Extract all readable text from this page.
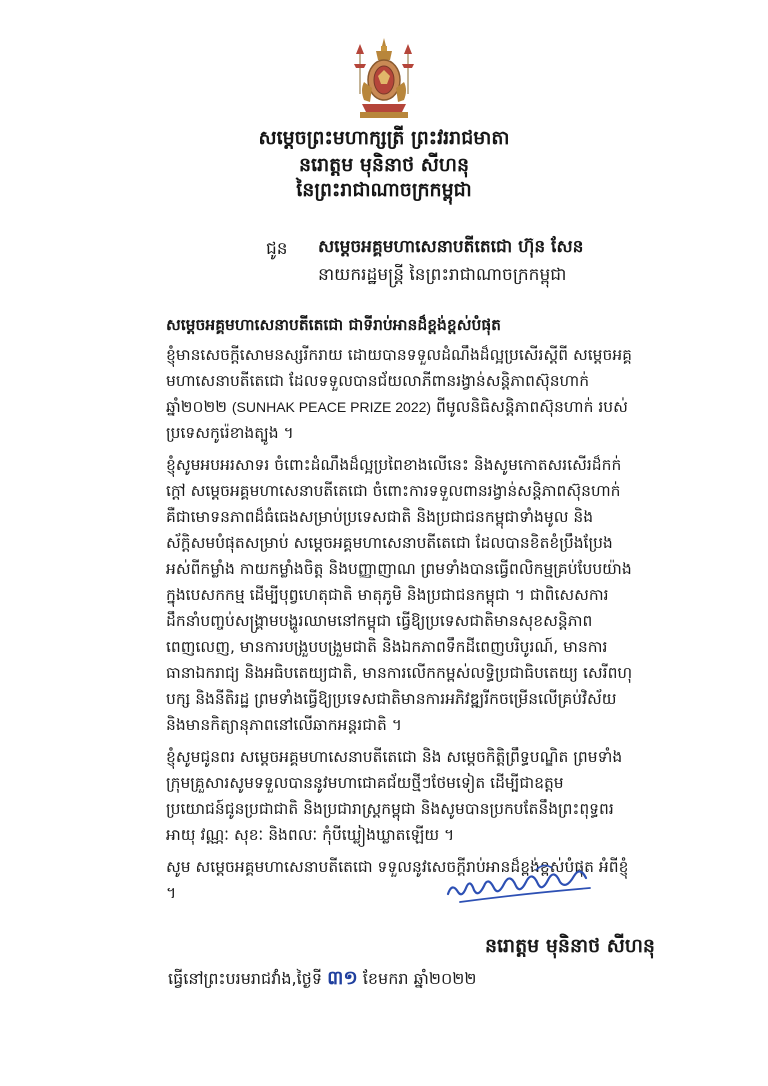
សម្តេចព្រះមហាក្សត្រី ព្រះវររាជមាតា
នរោត្តម មុនិនាថ សីហនុ
នៃព្រះរាជាណាចក្រកម្ពុជា
ជូន សម្តេចអគ្គមហាសេនាបតីតេជោ ហ៊ុន សែន
នាយករដ្ឋមន្ត្រី នៃព្រះរាជាណាចក្រកម្ពុជា

សម្តេចអគ្គមហាសេនាបតីតេជោ ជាទីរាប់អានដ៏ខ្ពង់ខ្ពស់បំផុត

ខ្ញុំមានសេចក្តីសោមនស្សរីករាយ ដោយបានទទួលដំណឹងដ៏ល្អប្រសើរស្តីពី សម្តេចអគ្គមហាសេនាបតីតេជោ ដែលទទួលបានជ័យលាភីពានរង្វាន់សន្តិភាពស៊ុនហាក់ ឆ្នាំ២០២២ (SUNHAK PEACE PRIZE 2022) ពីមូលនិធិសន្តិភាពស៊ុនហាក់ របស់ប្រទេសកូរ៉េខាងត្បូង ។

ខ្ញុំសូមអបអរសាទរ ចំពោះដំណឹងដ៏ល្អប្រពៃខាងលើនេះ និងសូមកោតសរសើរដ៏កក់ក្តៅ សម្តេចអគ្គមហាសេនាបតីតេជោ ចំពោះការទទួលពានរង្វាន់សន្តិភាពស៊ុនហាក់ គឺជាមោទនភាពដ៏ធំធេងសម្រាប់ប្រទេសជាតិ និងប្រជាជនកម្ពុជាទាំងមូល និងស័ក្តិសមបំផុតសម្រាប់ សម្តេចអគ្គមហាសេនាបតីតេជោ ដែលបានខិតខំប្រឹងប្រែងអស់ពីកម្លាំង កាយកម្លាំងចិត្ត និងបញ្ញាញាណ ព្រមទាំងបានធ្វើពលិកម្មគ្រប់បែបយ៉ាងក្នុងបេសកកម្ម ដើម្បីបុព្វហេតុជាតិ មាតុភូមិ និងប្រជាជនកម្ពុជា ។ ជាពិសេសការដឹកនាំបញ្ចប់សង្គ្រាមបង្ហូរឈាមនៅកម្ពុជា ធ្វើឱ្យប្រទេសជាតិមានសុខសន្តិភាពពេញលេញ, មានការបង្រួបបង្រួមជាតិ និងឯកភាពទឹកដីពេញបរិបូរណ៍, មានការធានាឯករាជ្យ និងអធិបតេយ្យជាតិ, មានការលើកកម្ពស់លទ្ធិប្រជាធិបតេយ្យ សេរីពហុបក្ស និងនីតិរដ្ឋ ព្រមទាំងធ្វើឱ្យប្រទេសជាតិមានការអភិវឌ្ឍរីកចម្រើនលើគ្រប់វិស័យ និងមានកិត្យានុភាពនៅលើឆាកអន្តរជាតិ ។

ខ្ញុំសូមជូនពរ សម្តេចអគ្គមហាសេនាបតីតេជោ និង សម្តេចកិត្តិព្រឹទ្ធបណ្ឌិត ព្រមទាំងក្រុមគ្រួសារសូមទទួលបាននូវមហាជោគជ័យថ្មីៗថែមទៀត ដើម្បីជាឧត្តមប្រយោជន៍ជូនប្រជាជាតិ និងប្រជារាស្ត្រកម្ពុជា និងសូមបានប្រកបតែនឹងព្រះពុទ្ធពរ អាយុ វណ្ណៈ សុខៈ និងពលៈ កុំបីឃ្លៀងឃ្លាតឡើយ ។

សូម សម្តេចអគ្គមហាសេនាបតីតេជោ ទទួលនូវសេចក្តីរាប់អានដ៏ខ្ពង់ខ្ពស់បំផុត អំពីខ្ញុំ ។

នរោត្តម មុនិនាថ សីហនុ
ធ្វើនៅព្រះបរមរាជវាំង,ថ្ងៃទី ៣១ ខែមករា ឆ្នាំ២០២២
